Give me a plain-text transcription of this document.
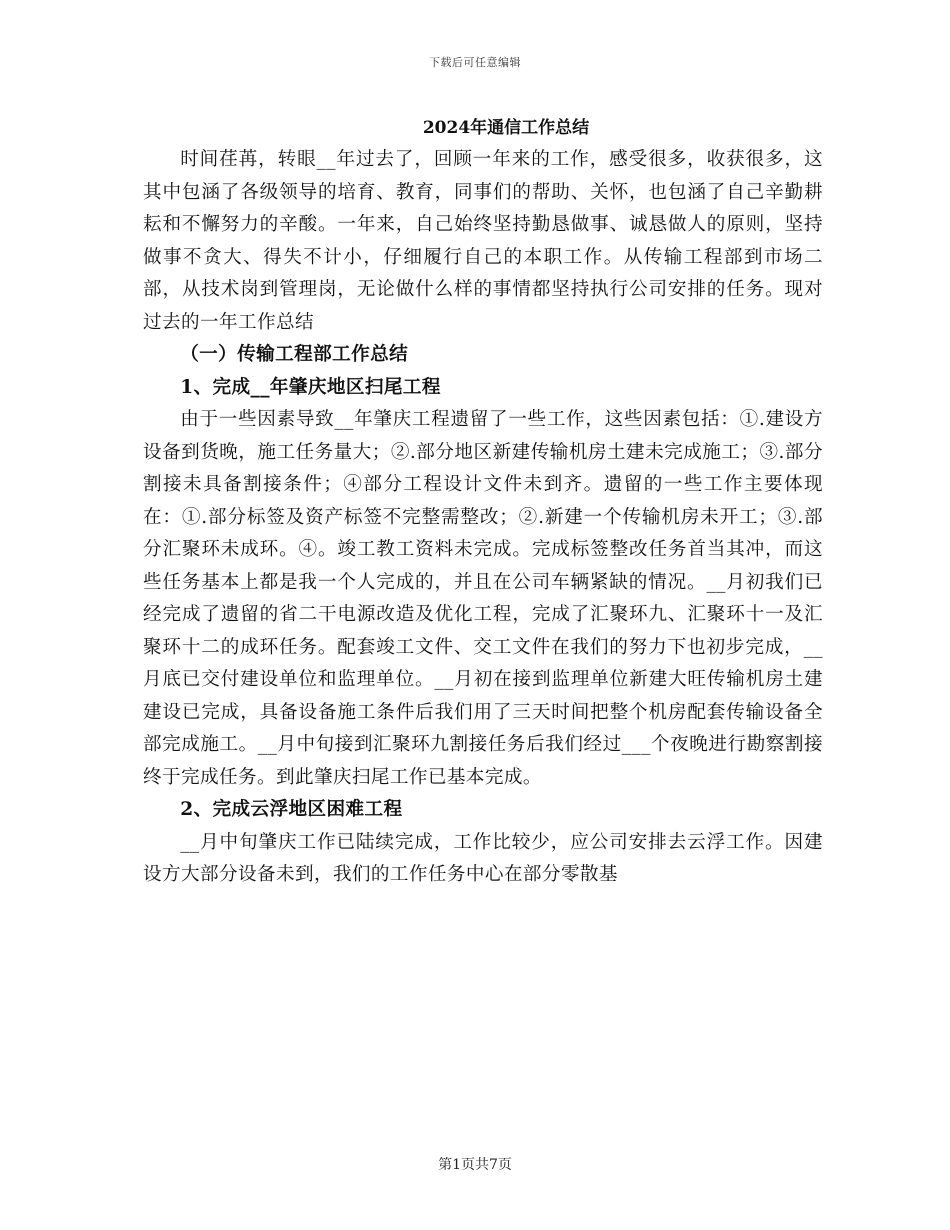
下载后可任意编辑
2024年通信工作总结

时间荏苒，转眼__年过去了，回顾一年来的工作，感受很多，收获很多，这其中包涵了各级领导的培育、教育，同事们的帮助、关怀，也包涵了自己辛勤耕耘和不懈努力的辛酸。一年来，自己始终坚持勤恳做事、诚恳做人的原则，坚持做事不贪大、得失不计小，仔细履行自己的本职工作。从传输工程部到市场二部，从技术岗到管理岗，无论做什么样的事情都坚持执行公司安排的任务。现对过去的一年工作总结

（一）传输工程部工作总结

1、完成__年肇庆地区扫尾工程

由于一些因素导致__年肇庆工程遗留了一些工作，这些因素包括：①.建设方设备到货晚，施工任务量大；②.部分地区新建传输机房土建未完成施工；③.部分割接未具备割接条件；④部分工程设计文件未到齐。遗留的一些工作主要体现在：①.部分标签及资产标签不完整需整改；②.新建一个传输机房未开工；③.部分汇聚环未成环。④。竣工教工资料未完成。完成标签整改任务首当其冲，而这些任务基本上都是我一个人完成的，并且在公司车辆紧缺的情况。__月初我们已经完成了遗留的省二干电源改造及优化工程，完成了汇聚环九、汇聚环十一及汇聚环十二的成环任务。配套竣工文件、交工文件在我们的努力下也初步完成，__月底已交付建设单位和监理单位。__月初在接到监理单位新建大旺传输机房土建建设已完成，具备设备施工条件后我们用了三天时间把整个机房配套传输设备全部完成施工。__月中旬接到汇聚环九割接任务后我们经过___个夜晚进行勘察割接终于完成任务。到此肇庆扫尾工作已基本完成。

2、完成云浮地区困难工程

__月中旬肇庆工作已陆续完成，工作比较少，应公司安排去云浮工作。因建设方大部分设备未到，我们的工作任务中心在部分零散基

第1页共7页
